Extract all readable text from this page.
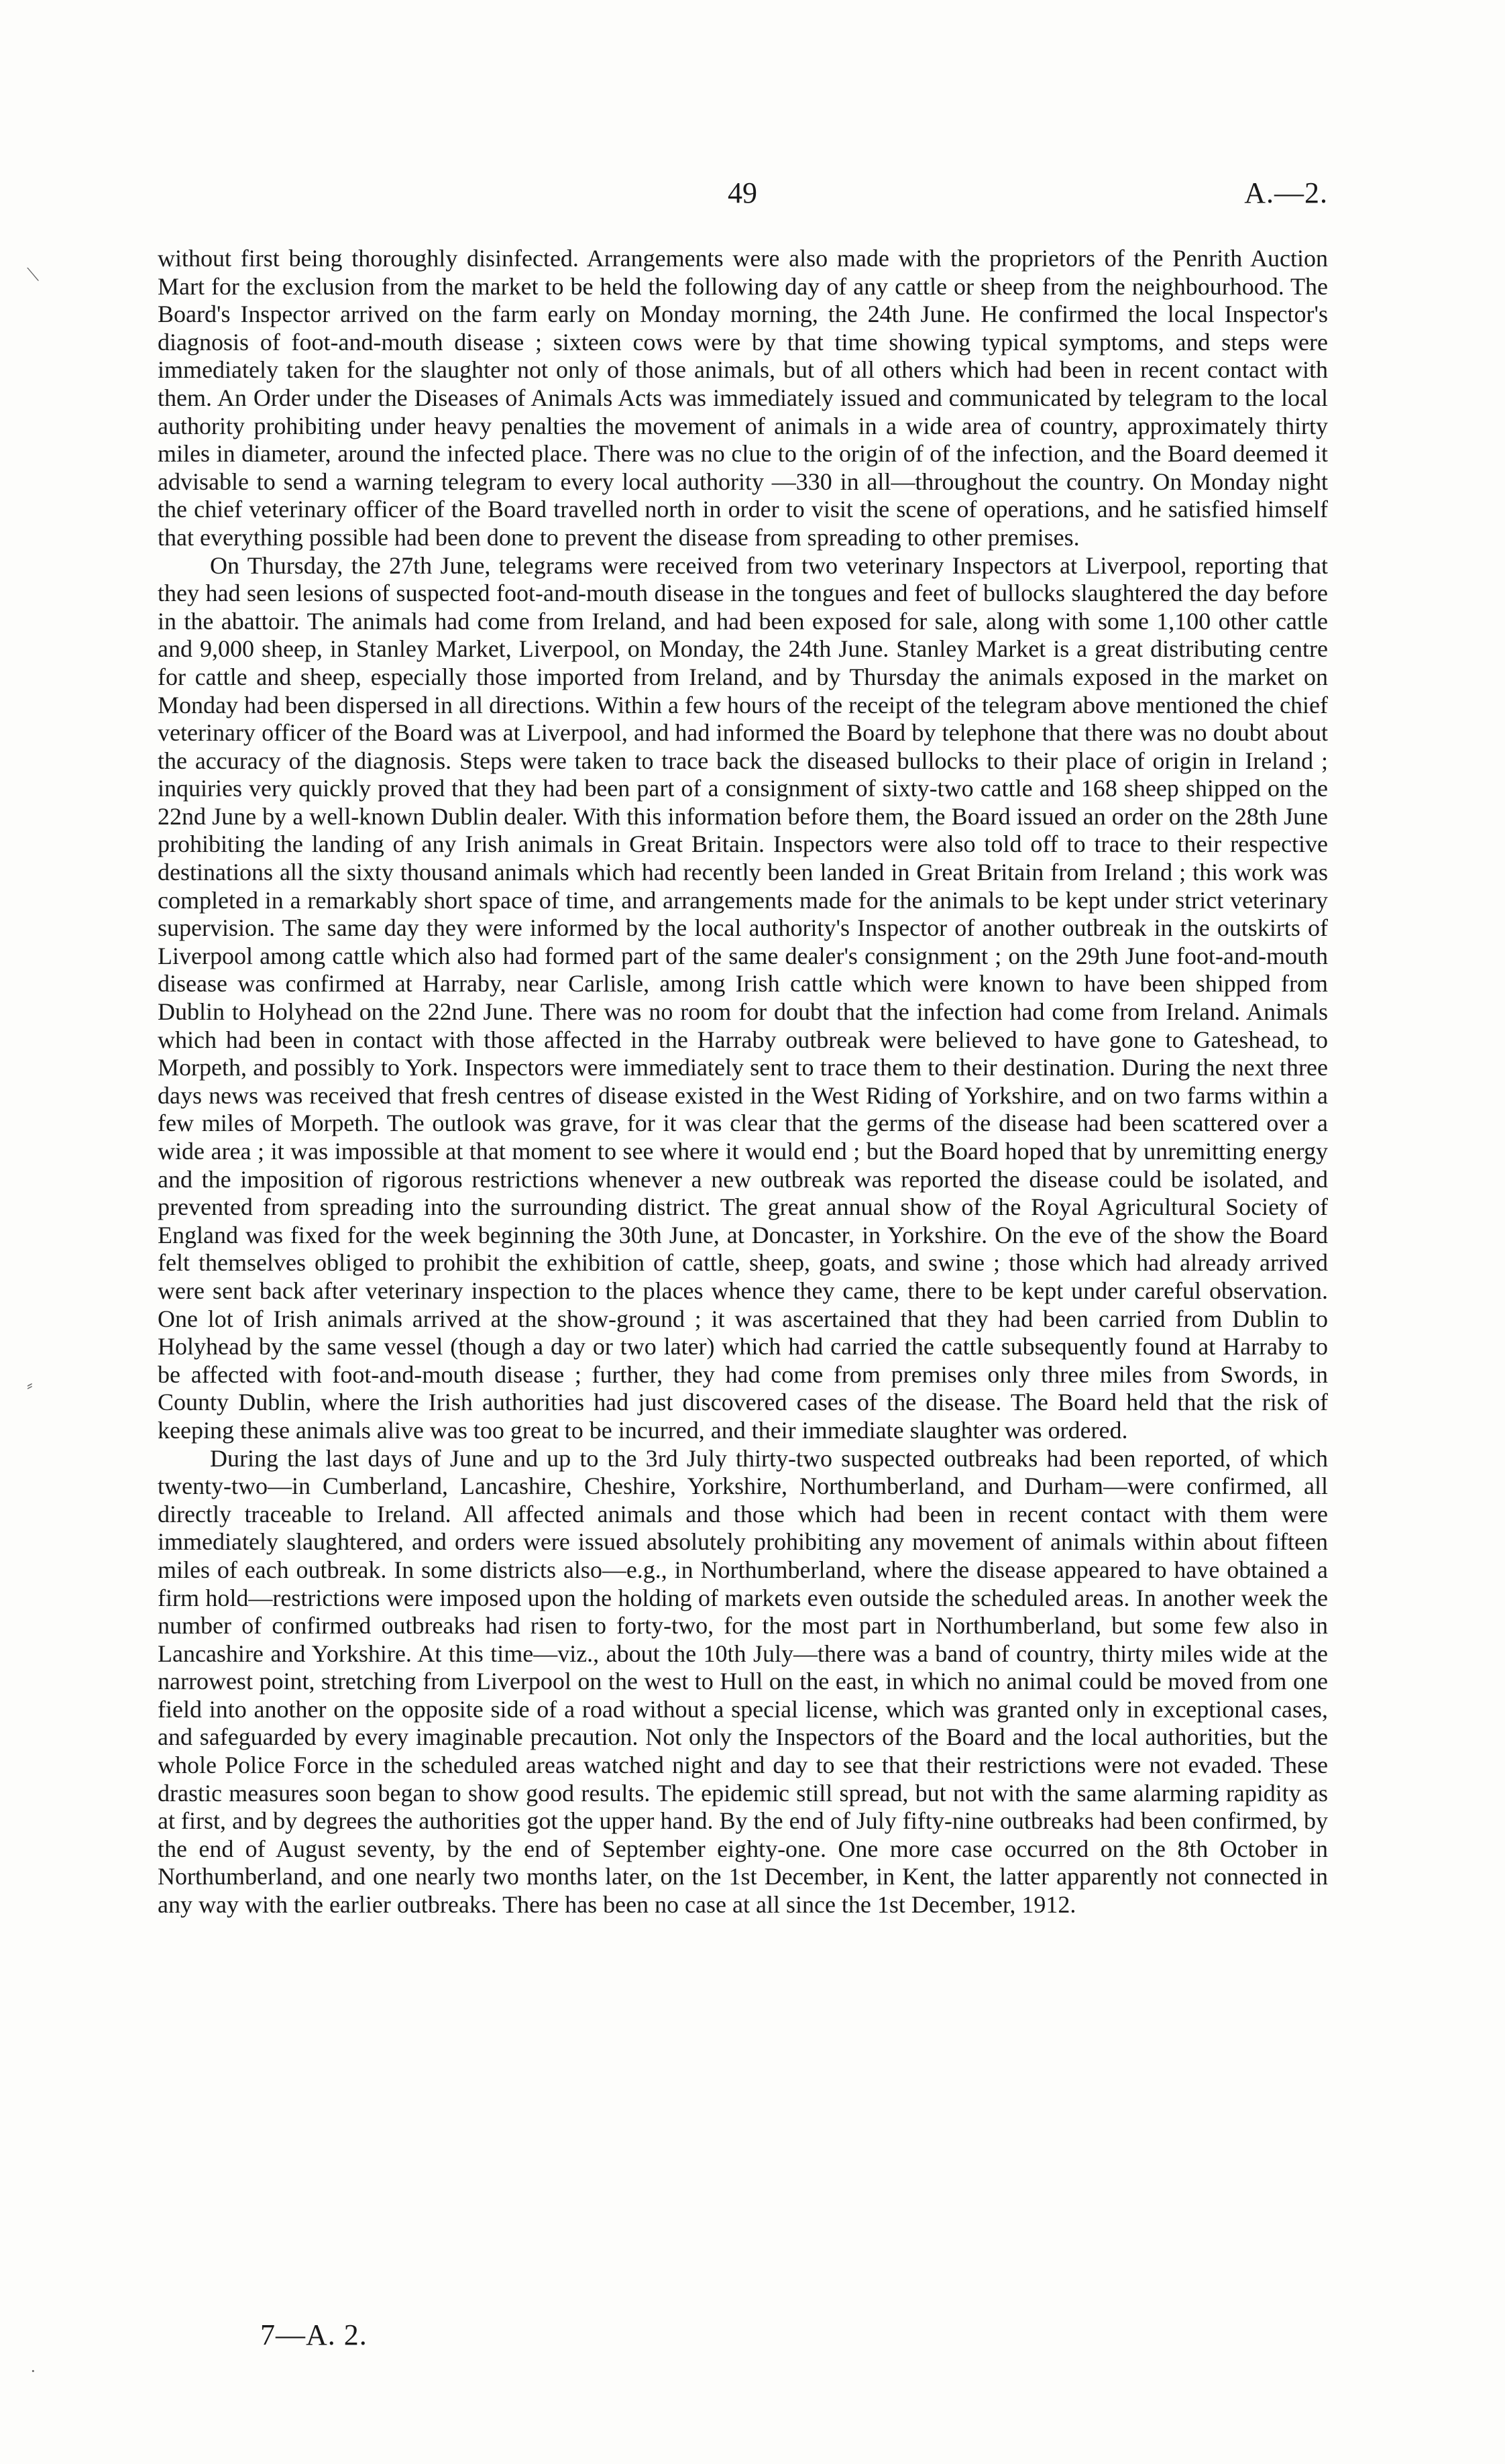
49	A.—2.

without first being thoroughly disinfected. Arrangements were also made with the proprietors of the Penrith Auction Mart for the exclusion from the market to be held the following day of any cattle or sheep from the neighbourhood. The Board's Inspector arrived on the farm early on Monday morning, the 24th June. He confirmed the local Inspector's diagnosis of foot-and-mouth disease ; sixteen cows were by that time showing typical symptoms, and steps were immediately taken for the slaughter not only of those animals, but of all others which had been in recent contact with them. An Order under the Diseases of Animals Acts was immediately issued and communicated by telegram to the local authority prohibiting under heavy penalties the movement of animals in a wide area of country, approximately thirty miles in diameter, around the infected place. There was no clue to the origin of of the infection, and the Board deemed it advisable to send a warning telegram to every local authority —330 in all—throughout the country. On Monday night the chief veterinary officer of the Board travelled north in order to visit the scene of operations, and he satisfied himself that everything possible had been done to prevent the disease from spreading to other premises.

On Thursday, the 27th June, telegrams were received from two veterinary Inspectors at Liverpool, reporting that they had seen lesions of suspected foot-and-mouth disease in the tongues and feet of bullocks slaughtered the day before in the abattoir. The animals had come from Ireland, and had been exposed for sale, along with some 1,100 other cattle and 9,000 sheep, in Stanley Market, Liverpool, on Monday, the 24th June. Stanley Market is a great distributing centre for cattle and sheep, especially those imported from Ireland, and by Thursday the animals exposed in the market on Monday had been dispersed in all directions. Within a few hours of the receipt of the telegram above mentioned the chief veterinary officer of the Board was at Liverpool, and had informed the Board by telephone that there was no doubt about the accuracy of the diagnosis. Steps were taken to trace back the diseased bullocks to their place of origin in Ireland ; inquiries very quickly proved that they had been part of a consignment of sixty-two cattle and 168 sheep shipped on the 22nd June by a well-known Dublin dealer. With this information before them, the Board issued an order on the 28th June prohibiting the landing of any Irish animals in Great Britain. Inspectors were also told off to trace to their respective destinations all the sixty thousand animals which had recently been landed in Great Britain from Ireland ; this work was completed in a remarkably short space of time, and arrangements made for the animals to be kept under strict veterinary supervision. The same day they were informed by the local authority's Inspector of another outbreak in the outskirts of Liverpool among cattle which also had formed part of the same dealer's consignment ; on the 29th June foot-and-mouth disease was confirmed at Harraby, near Carlisle, among Irish cattle which were known to have been shipped from Dublin to Holyhead on the 22nd June. There was no room for doubt that the infection had come from Ireland. Animals which had been in contact with those affected in the Harraby outbreak were believed to have gone to Gateshead, to Morpeth, and possibly to York. Inspectors were immediately sent to trace them to their destination. During the next three days news was received that fresh centres of disease existed in the West Riding of Yorkshire, and on two farms within a few miles of Morpeth. The outlook was grave, for it was clear that the germs of the disease had been scattered over a wide area ; it was impossible at that moment to see where it would end ; but the Board hoped that by unremitting energy and the imposition of rigorous restrictions whenever a new outbreak was reported the disease could be isolated, and prevented from spreading into the surrounding district. The great annual show of the Royal Agricultural Society of England was fixed for the week beginning the 30th June, at Doncaster, in Yorkshire. On the eve of the show the Board felt themselves obliged to prohibit the exhibition of cattle, sheep, goats, and swine ; those which had already arrived were sent back after veterinary inspection to the places whence they came, there to be kept under careful observation. One lot of Irish animals arrived at the show-ground ; it was ascertained that they had been carried from Dublin to Holyhead by the same vessel (though a day or two later) which had carried the cattle subsequently found at Harraby to be affected with foot-and-mouth disease ; further, they had come from premises only three miles from Swords, in County Dublin, where the Irish authorities had just discovered cases of the disease. The Board held that the risk of keeping these animals alive was too great to be incurred, and their immediate slaughter was ordered.

During the last days of June and up to the 3rd July thirty-two suspected outbreaks had been reported, of which twenty-two—in Cumberland, Lancashire, Cheshire, Yorkshire, Northumberland, and Durham—were confirmed, all directly traceable to Ireland. All affected animals and those which had been in recent contact with them were immediately slaughtered, and orders were issued absolutely prohibiting any movement of animals within about fifteen miles of each outbreak. In some districts also—e.g., in Northumberland, where the disease appeared to have obtained a firm hold—restrictions were imposed upon the holding of markets even outside the scheduled areas. In another week the number of confirmed outbreaks had risen to forty-two, for the most part in Northumberland, but some few also in Lancashire and Yorkshire. At this time—viz., about the 10th July—there was a band of country, thirty miles wide at the narrowest point, stretching from Liverpool on the west to Hull on the east, in which no animal could be moved from one field into another on the opposite side of a road without a special license, which was granted only in exceptional cases, and safeguarded by every imaginable precaution. Not only the Inspectors of the Board and the local authorities, but the whole Police Force in the scheduled areas watched night and day to see that their restrictions were not evaded. These drastic measures soon began to show good results. The epidemic still spread, but not with the same alarming rapidity as at first, and by degrees the authorities got the upper hand. By the end of July fifty-nine outbreaks had been confirmed, by the end of August seventy, by the end of September eighty-one. One more case occurred on the 8th October in Northumberland, and one nearly two months later, on the 1st December, in Kent, the latter apparently not connected in any way with the earlier outbreaks. There has been no case at all since the 1st December, 1912.

7—A. 2.
⟍
⸗
·
